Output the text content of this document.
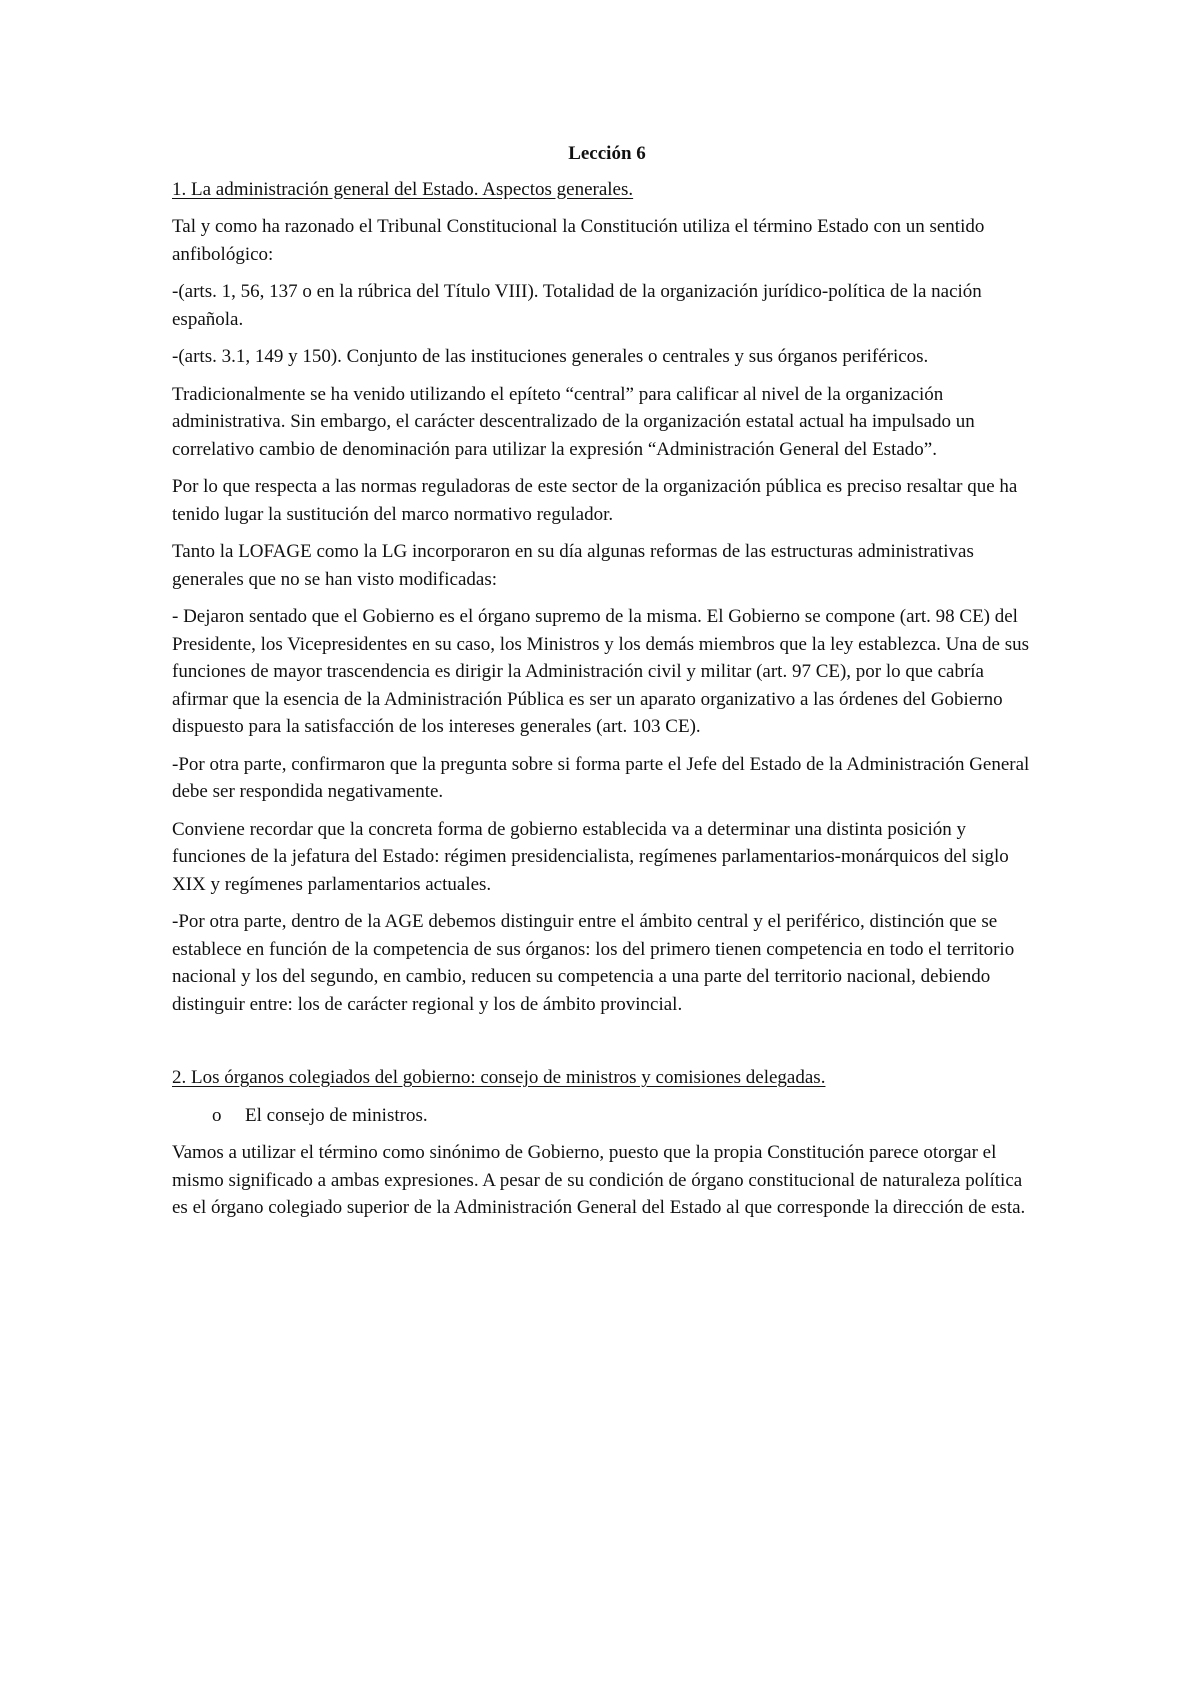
Lección 6

1. La administración general del Estado. Aspectos generales.

Tal y como ha razonado el Tribunal Constitucional la Constitución utiliza el término Estado con un sentido anfibológico:

-(arts. 1, 56, 137 o en la rúbrica del Título VIII). Totalidad de la organización jurídico-política de la nación española.

-(arts. 3.1, 149 y 150). Conjunto de las instituciones generales o centrales y sus órganos periféricos.

Tradicionalmente se ha venido utilizando el epíteto “central” para calificar al nivel de la organización administrativa. Sin embargo, el carácter descentralizado de la organización estatal actual ha impulsado un correlativo cambio de denominación para utilizar la expresión “Administración General del Estado”.

Por lo que respecta a las normas reguladoras de este sector de la organización pública es preciso resaltar que ha tenido lugar la sustitución del marco normativo regulador.

Tanto la LOFAGE como la LG incorporaron en su día algunas reformas de las estructuras administrativas generales que no se han visto modificadas:

- Dejaron sentado que el Gobierno es el órgano supremo de la misma. El Gobierno se compone (art. 98 CE) del Presidente, los Vicepresidentes en su caso, los Ministros y los demás miembros que la ley establezca. Una de sus funciones de mayor trascendencia es dirigir la Administración civil y militar (art. 97 CE), por lo que cabría afirmar que la esencia de la Administración Pública es ser un aparato organizativo a las órdenes del Gobierno dispuesto para la satisfacción de los intereses generales (art. 103 CE).

-Por otra parte, confirmaron que la pregunta sobre si forma parte el Jefe del Estado de la Administración General debe ser respondida negativamente.

Conviene recordar que la concreta forma de gobierno establecida va a determinar una distinta posición y funciones de la jefatura del Estado: régimen presidencialista, regímenes parlamentarios-monárquicos del siglo XIX y regímenes parlamentarios actuales.

-Por otra parte, dentro de la AGE debemos distinguir entre el ámbito central y el periférico, distinción que se establece en función de la competencia de sus órganos: los del primero tienen competencia en todo el territorio nacional y los del segundo, en cambio, reducen su competencia a una parte del territorio nacional, debiendo distinguir entre: los de carácter regional y los de ámbito provincial.

2. Los órganos colegiados del gobierno: consejo de ministros y comisiones delegadas.

o	El consejo de ministros.

Vamos a utilizar el término como sinónimo de Gobierno, puesto que la propia Constitución parece otorgar el mismo significado a ambas expresiones. A pesar de su condición de órgano constitucional de naturaleza política es el órgano colegiado superior de la Administración General del Estado al que corresponde la dirección de esta.
